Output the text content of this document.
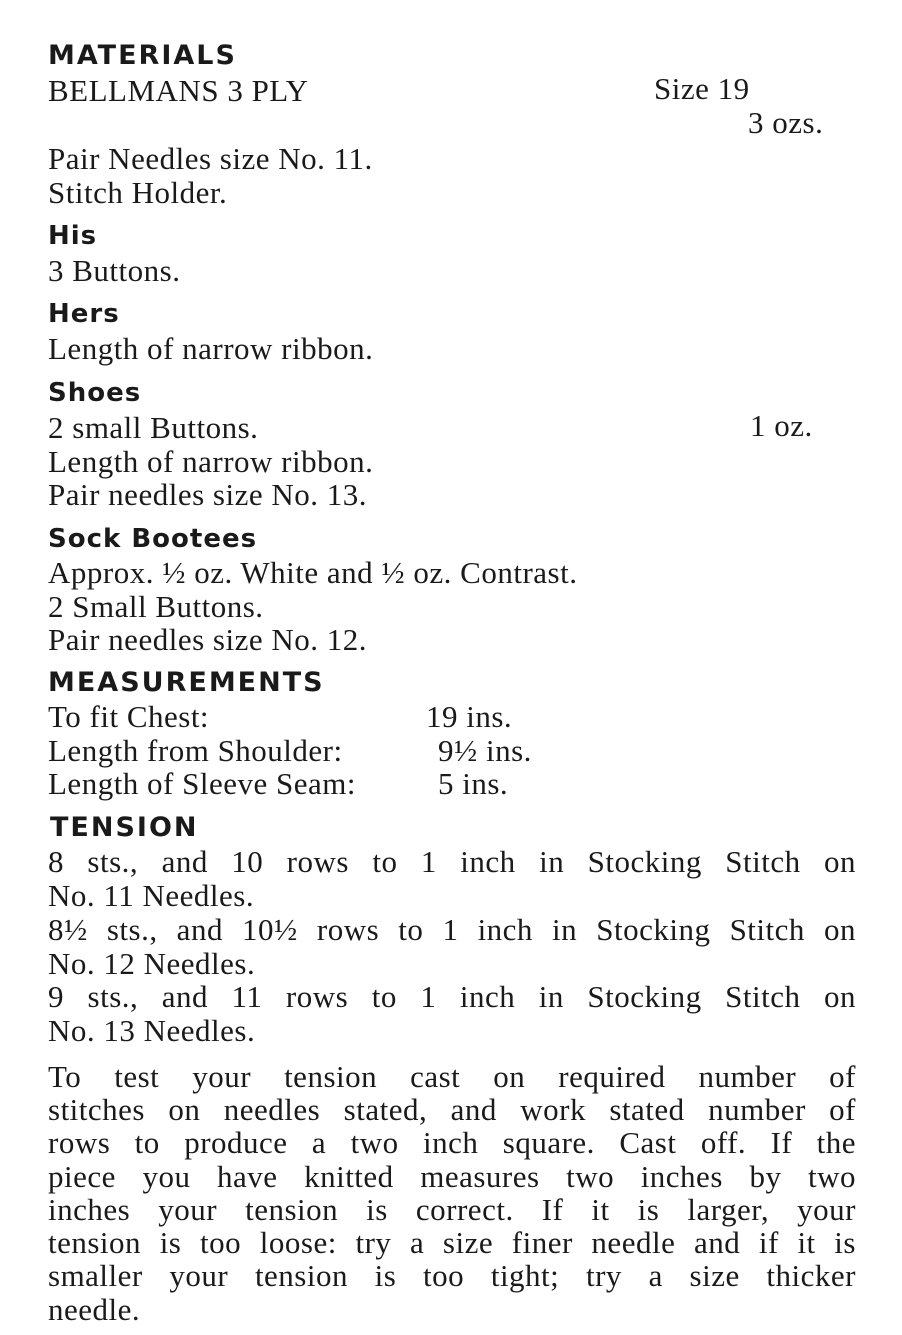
MATERIALS
BELLMANS 3 PLY	Size 19
3 ozs.
Pair Needles size No. 11.
Stitch Holder.
His
3 Buttons.
Hers
Length of narrow ribbon.
Shoes
2 small Buttons.	1 oz.
Length of narrow ribbon.
Pair needles size No. 13.
Sock Bootees
Approx. ½ oz. White and ½ oz. Contrast.
2 Small Buttons.
Pair needles size No. 12.
MEASUREMENTS
To fit Chest:	19 ins.
Length from Shoulder:	9½ ins.
Length of Sleeve Seam:	5 ins.
TENSION
8 sts., and 10 rows to 1 inch in Stocking Stitch on
No. 11 Needles.
8½ sts., and 10½ rows to 1 inch in Stocking Stitch on
No. 12 Needles.
9 sts., and 11 rows to 1 inch in Stocking Stitch on
No. 13 Needles.
To test your tension cast on required number of
stitches on needles stated, and work stated number of
rows to produce a two inch square. Cast off. If the
piece you have knitted measures two inches by two
inches your tension is correct. If it is larger, your
tension is too loose: try a size finer needle and if it is
smaller your tension is too tight; try a size thicker
needle.
